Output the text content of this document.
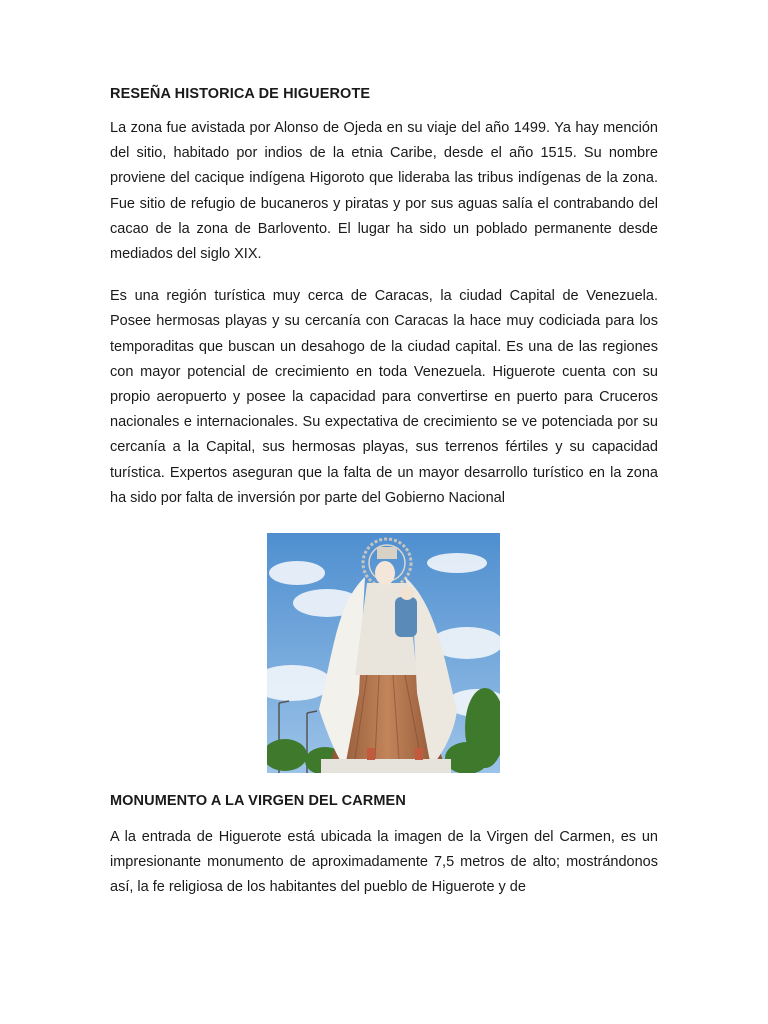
RESEÑA HISTORICA DE HIGUEROTE

La zona fue avistada por Alonso de Ojeda en su viaje del año 1499. Ya hay mención del sitio, habitado por indios de la etnia Caribe, desde el año 1515. Su nombre proviene del cacique indígena Higoroto que lideraba las tribus indígenas de la zona. Fue sitio de refugio de bucaneros y piratas y por sus aguas salía el contrabando del cacao de la zona de Barlovento. El lugar ha sido un poblado permanente desde mediados del siglo XIX.

Es una región turística muy cerca de Caracas, la ciudad Capital de Venezuela. Posee hermosas playas y su cercanía con Caracas la hace muy codiciada para los temporaditas que buscan un desahogo de la ciudad capital. Es una de las regiones con mayor potencial de crecimiento en toda Venezuela. Higuerote cuenta con su propio aeropuerto y posee la capacidad para convertirse en puerto para Cruceros nacionales e internacionales. Su expectativa de crecimiento se ve potenciada por su cercanía a la Capital, sus hermosas playas, sus terrenos fértiles y su capacidad turística. Expertos aseguran que la falta de un mayor desarrollo turístico en la zona ha sido por falta de inversión por parte del Gobierno Nacional

MONUMENTO A LA VIRGEN DEL CARMEN

A la entrada de Higuerote está ubicada la imagen de la Virgen del Carmen, es un impresionante monumento de aproximadamente 7,5 metros de alto; mostrándonos así, la fe religiosa de los habitantes del pueblo de Higuerote y de
